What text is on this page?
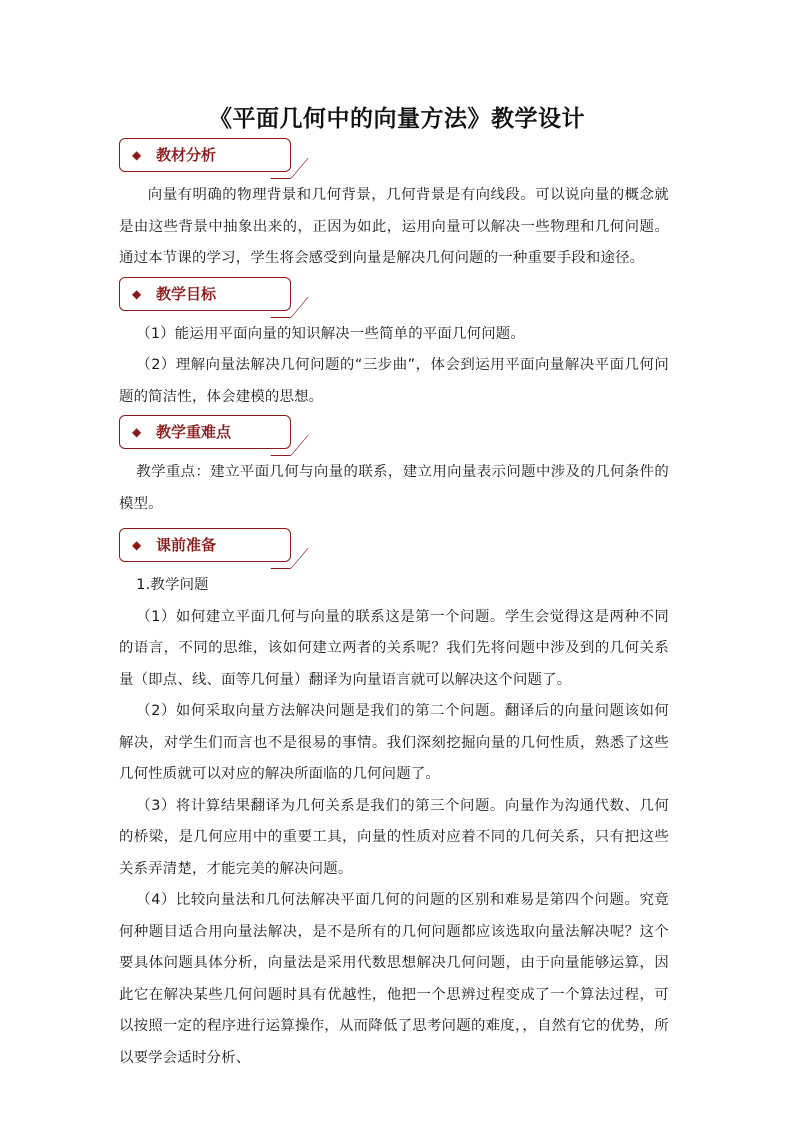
《平面几何中的向量方法》教学设计
◆ 教材分析

向量有明确的物理背景和几何背景，几何背景是有向线段。可以说向量的概念就是由这些背景中抽象出来的，正因为如此，运用向量可以解决一些物理和几何问题。通过本节课的学习，学生将会感受到向量是解决几何问题的一种重要手段和途径。

◆ 教学目标

（1）能运用平面向量的知识解决一些简单的平面几何问题。

（2）理解向量法解决几何问题的“三步曲”，体会到运用平面向量解决平面几何问题的简洁性，体会建模的思想。

◆ 教学重难点

教学重点：建立平面几何与向量的联系，建立用向量表示问题中涉及的几何条件的模型。

◆ 课前准备

1.教学问题

（1）如何建立平面几何与向量的联系这是第一个问题。学生会觉得这是两种不同的语言，不同的思维，该如何建立两者的关系呢？我们先将问题中涉及到的几何关系量（即点、线、面等几何量）翻译为向量语言就可以解决这个问题了。

（2）如何采取向量方法解决问题是我们的第二个问题。翻译后的向量问题该如何解决，对学生们而言也不是很易的事情。我们深刻挖掘向量的几何性质，熟悉了这些几何性质就可以对应的解决所面临的几何问题了。

（3）将计算结果翻译为几何关系是我们的第三个问题。向量作为沟通代数、几何的桥梁，是几何应用中的重要工具，向量的性质对应着不同的几何关系，只有把这些关系弄清楚，才能完美的解决问题。

（4）比较向量法和几何法解决平面几何的问题的区别和难易是第四个问题。究竟何种题目适合用向量法解决，是不是所有的几何问题都应该选取向量法解决呢？这个要具体问题具体分析，向量法是采用代数思想解决几何问题，由于向量能够运算，因此它在解决某些几何问题时具有优越性，他把一个思辨过程变成了一个算法过程，可以按照一定的程序进行运算操作，从而降低了思考问题的难度，，自然有它的优势，所以要学会适时分析、
